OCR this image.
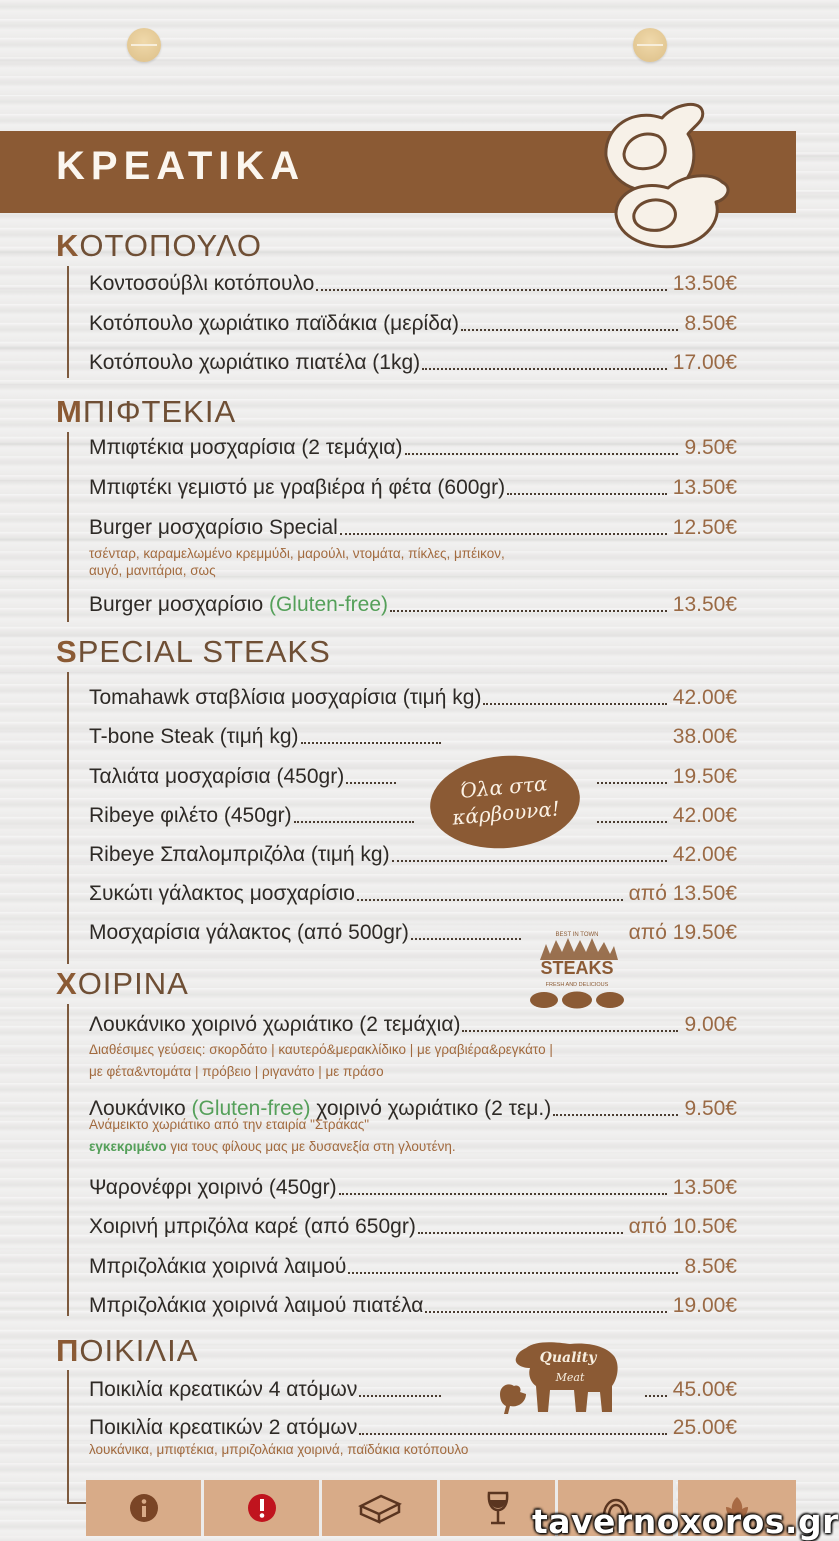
ΚΡΕΑΤΙΚΑ
ΚΟΤΟΠΟΥΛΟ
Κοντοσούβλι κοτόπουλο	13.50€
Κοτόπουλο χωριάτικο παϊδάκια (μερίδα)	8.50€
Κοτόπουλο χωριάτικο πιατέλα (1kg)	17.00€
ΜΠΙΦΤΕΚΙΑ
Μπιφτέκια μοσχαρίσια (2 τεμάχια)	9.50€
Μπιφτέκι γεμιστό με γραβιέρα ή φέτα (600gr)	13.50€
Burger μοσχαρίσιο Special	12.50€
τσένταρ, καραμελωμένο κρεμμύδι, μαρούλι, ντομάτα, πίκλες, μπέικον,
αυγό, μανιτάρια, σως
Burger μοσχαρίσιο (Gluten-free)	13.50€
SPECIAL STEAKS
Tomahawk σταβλίσια μοσχαρίσια (τιμή kg)	42.00€
T-bone Steak (τιμή kg)	38.00€
Ταλιάτα μοσχαρίσια (450gr)	19.50€
Ribeye φιλέτο (450gr)	42.00€
Ribeye Σπαλομπριζόλα (τιμή kg)	42.00€
Συκώτι γάλακτος μοσχαρίσιο	από 13.50€
Μοσχαρίσια γάλακτος (από 500gr)	από 19.50€
Όλα στα
κάρβουνα!
BEST IN TOWN
STEAKS
FRESH AND DELICIOUS
ΧΟΙΡΙΝΑ
Λουκάνικο χοιρινό χωριάτικο (2 τεμάχια)	9.00€
Διαθέσιμες γεύσεις: σκορδάτο | καυτερό&μερακλίδικο | με γραβιέρα&ρεγκάτο |
με φέτα&ντομάτα | πρόβειο | ριγανάτο | με πράσο
Λουκάνικο (Gluten-free) χοιρινό χωριάτικο (2 τεμ.)	9.50€
Ανάμεικτο χωριάτικο από την εταιρία "Στράκας"
εγκεκριμένο για τους φίλους μας με δυσανεξία στη γλουτένη.
Ψαρονέφρι χοιρινό (450gr)	13.50€
Χοιρινή μπριζόλα καρέ (από 650gr)	από 10.50€
Μπριζολάκια χοιρινά λαιμού	8.50€
Μπριζολάκια χοιρινά λαιμού πιατέλα	19.00€
ΠΟΙΚΙΛΙΑ
Ποικιλία κρεατικών 4 ατόμων	45.00€
Ποικιλία κρεατικών 2 ατόμων	25.00€
λουκάνικα, μπιφτέκια, μπριζολάκια χοιρινά, παϊδάκια κοτόπουλο
Quality
Meat
tavernoxoros.gr
